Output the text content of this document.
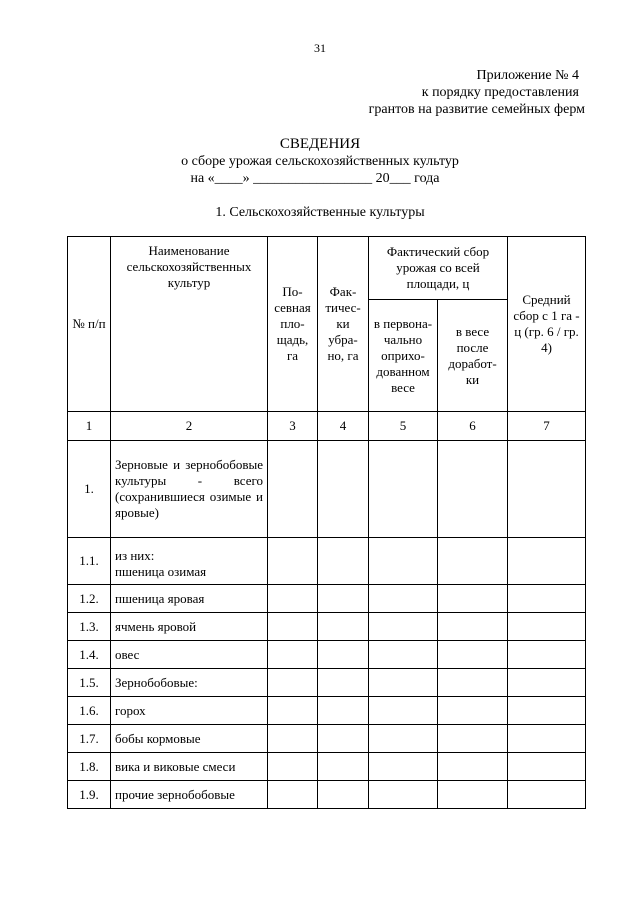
31
Приложение № 4
к порядку предоставления
грантов на развитие семейных ферм
СВЕДЕНИЯ
о сборе урожая сельскохозяйственных культур
на «____» _________________ 20___ года
1. Сельскохозяйственные культуры
№ п/п	Наименование сельскохозяйственных культур	По- севная пло- щадь, га	Фак- тичес- ки убра- но, га	Фактический сбор урожая со всей площади, ц		Средний сбор с 1 га - ц (гр. 6 / гр. 4)
				в первона- чально оприхо- дованном весе	в весе после доработ- ки	
1	2	3	4	5	6	7
1.	Зерновые и зернобобовые культуры - всего (сохранившиеся озимые и яровые)					
1.1.	из них:
пшеница озимая					

1.2.	пшеница яровая					
1.3.	ячмень яровой					
1.4.	овес					
1.5.	Зернобобовые:					
1.6.	горох					
1.7.	бобы кормовые					
1.8.	вика и виковые смеси					
1.9.	прочие зернобобовые					
